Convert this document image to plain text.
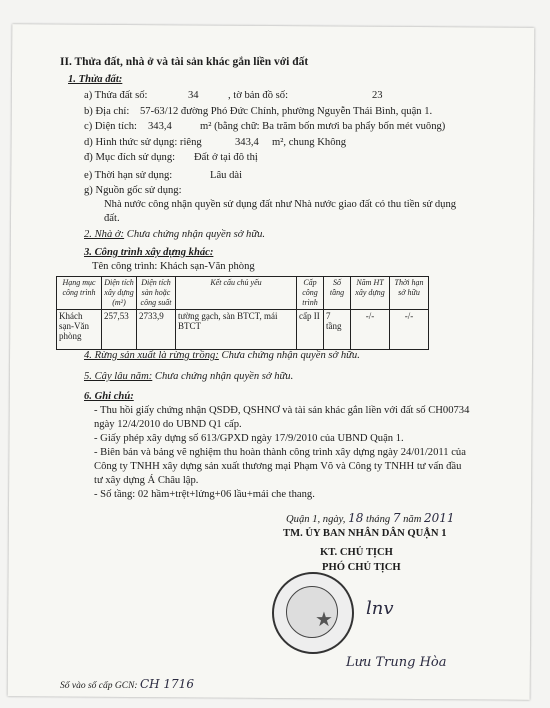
II. Thửa đất, nhà ở và tài sản khác gắn liền với đất
1. Thửa đất:
a) Thửa đất số:	34	, tờ bản đồ số:	23
b) Địa chỉ: 57-63/12 đường Phó Đức Chính, phường Nguyễn Thái Bình, quận 1.
c) Diện tích: 343,4	m² (bằng chữ: Ba trăm bốn mươi ba phẩy bốn mét vuông)
d) Hình thức sử dụng: riêng	343,4 m², chung Không
đ) Mục đích sử dụng: Đất ở tại đô thị
e) Thời hạn sử dụng:	Lâu dài
g) Nguồn gốc sử dụng:
Nhà nước công nhận quyền sử dụng đất như Nhà nước giao đất có thu tiền sử dụng
đất.
2. Nhà ở: Chưa chứng nhận quyền sở hữu.
3. Công trình xây dựng khác:
Tên công trình: Khách sạn-Văn phòng
Hạng mục công trình	Diện tích xây dựng (m²)	Diện tích sàn hoặc công suất	Kết cấu chủ yếu	Cấp công trình	Số tầng	Năm HT xây dựng	Thời hạn sở hữu
Khách sạn-Văn phòng	257,53	2733,9	tường gạch, sàn BTCT, mái BTCT	cấp II	7 tầng	-/-	-/-
4. Rừng sản xuất là rừng trồng: Chưa chứng nhận quyền sở hữu.
5. Cây lâu năm: Chưa chứng nhận quyền sở hữu.
6. Ghi chú:
- Thu hồi giấy chứng nhận QSDĐ, QSHNƠ và tài sản khác gắn liền với đất số CH00734
ngày 12/4/2010 do UBND Q1 cấp.
- Giấy phép xây dựng số 613/GPXD ngày 17/9/2010 của UBND Quận 1.
- Biên bản và bảng vẽ nghiệm thu hoàn thành công trình xây dựng ngày 24/01/2011 của
Công ty TNHH xây dựng sản xuất thương mại Phạm Võ và Công ty TNHH tư vấn đầu
tư xây dựng Á Châu lập.
- Số tầng: 02 hầm+trệt+lửng+06 lầu+mái che thang.
Quận 1, ngày, 18 tháng 7 năm 2011
TM. ỦY BAN NHÂN DÂN QUẬN 1
KT. CHỦ TỊCH
PHÓ CHỦ TỊCH
★
lnv
Lưu Trung Hòa
Số vào sổ cấp GCN: CH 1716
